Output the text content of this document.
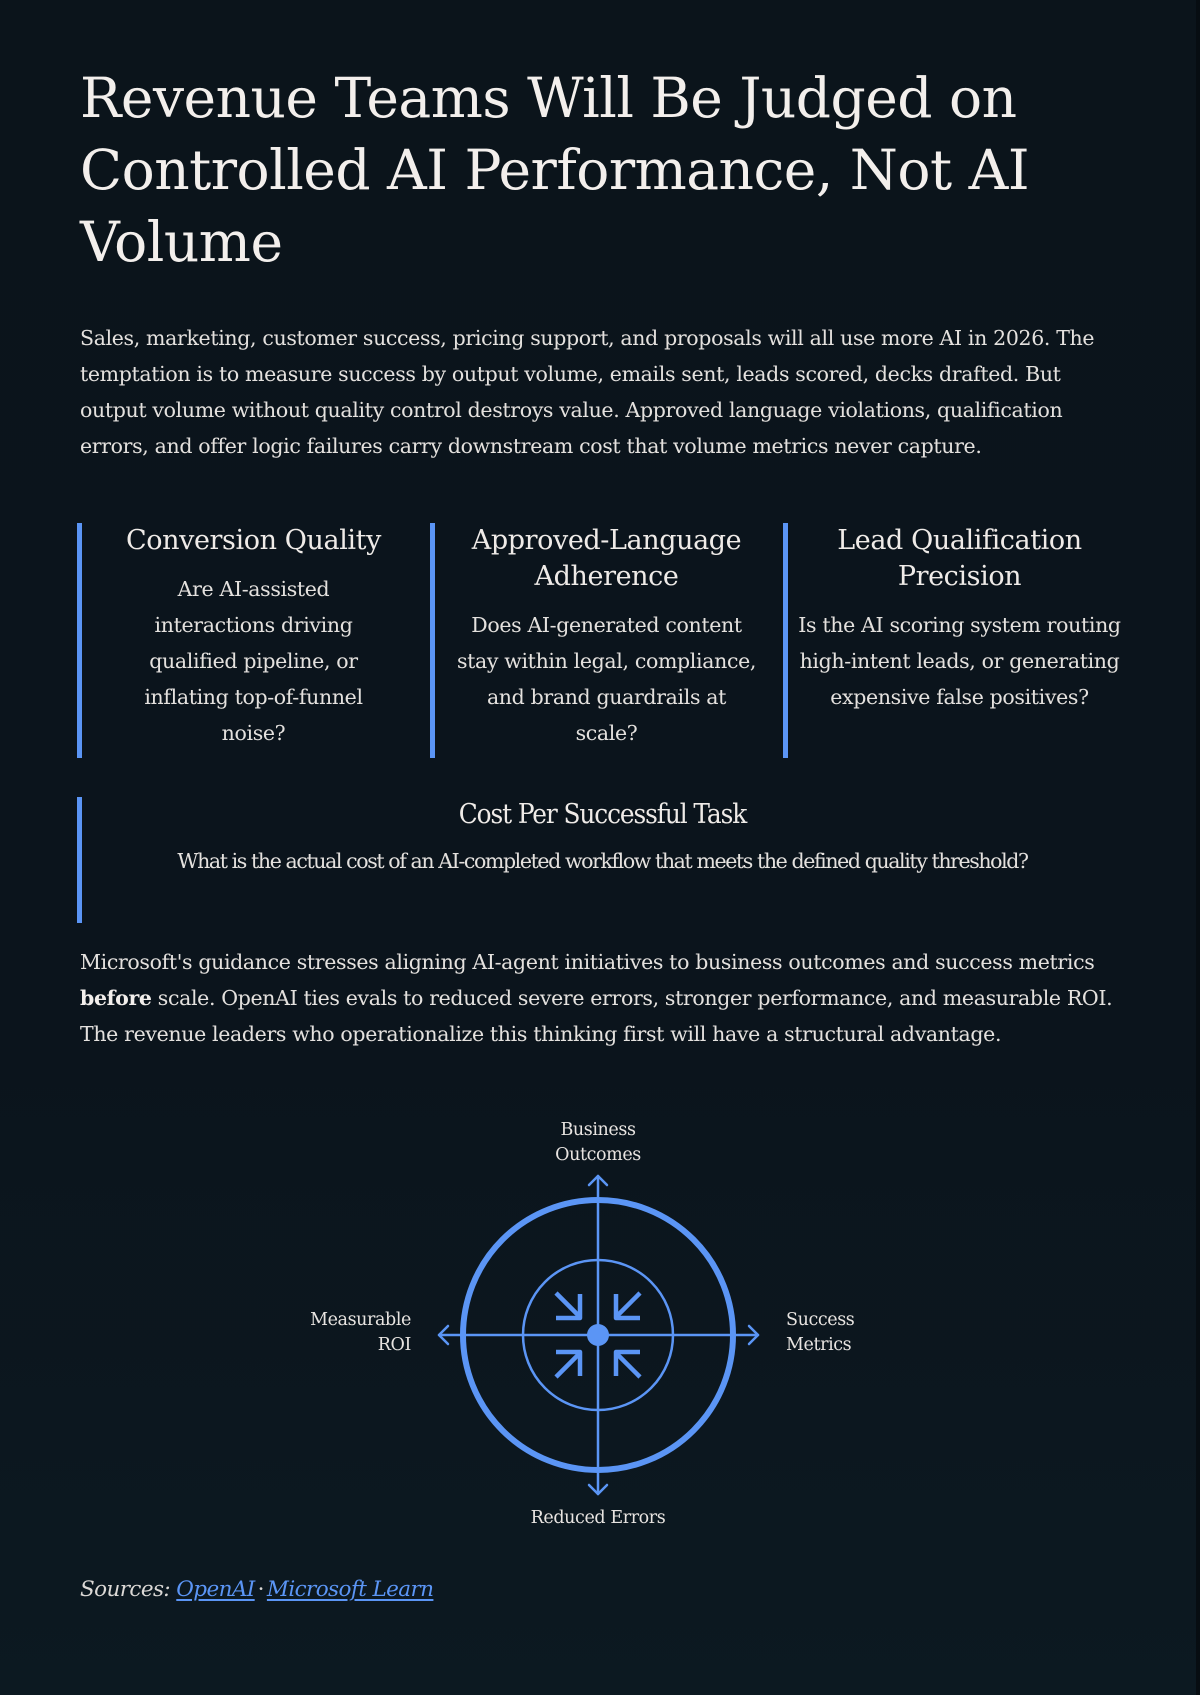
Revenue Teams Will Be Judged on Controlled AI Performance, Not AI Volume

Sales, marketing, customer success, pricing support, and proposals will all use more AI in 2026. The temptation is to measure success by output volume, emails sent, leads scored, decks drafted. But output volume without quality control destroys value. Approved language violations, qualification errors, and offer logic failures carry downstream cost that volume metrics never capture.

Conversion Quality

Are AI-assisted interactions driving qualified pipeline, or inflating top-of-funnel noise?

Approved-Language Adherence

Does AI-generated content stay within legal, compliance, and brand guardrails at scale?

Lead Qualification Precision

Is the AI scoring system routing high-intent leads, or generating expensive false positives?

Cost Per Successful Task

What is the actual cost of an AI-completed workflow that meets the defined quality threshold?

Microsoft's guidance stresses aligning AI-agent initiatives to business outcomes and success metrics before scale. OpenAI ties evals to reduced severe errors, stronger performance, and measurable ROI. The revenue leaders who operationalize this thinking first will have a structural advantage.

Sources: OpenAI · Microsoft Learn
Business Outcomes
Measurable ROI
Success Metrics
Reduced Errors
